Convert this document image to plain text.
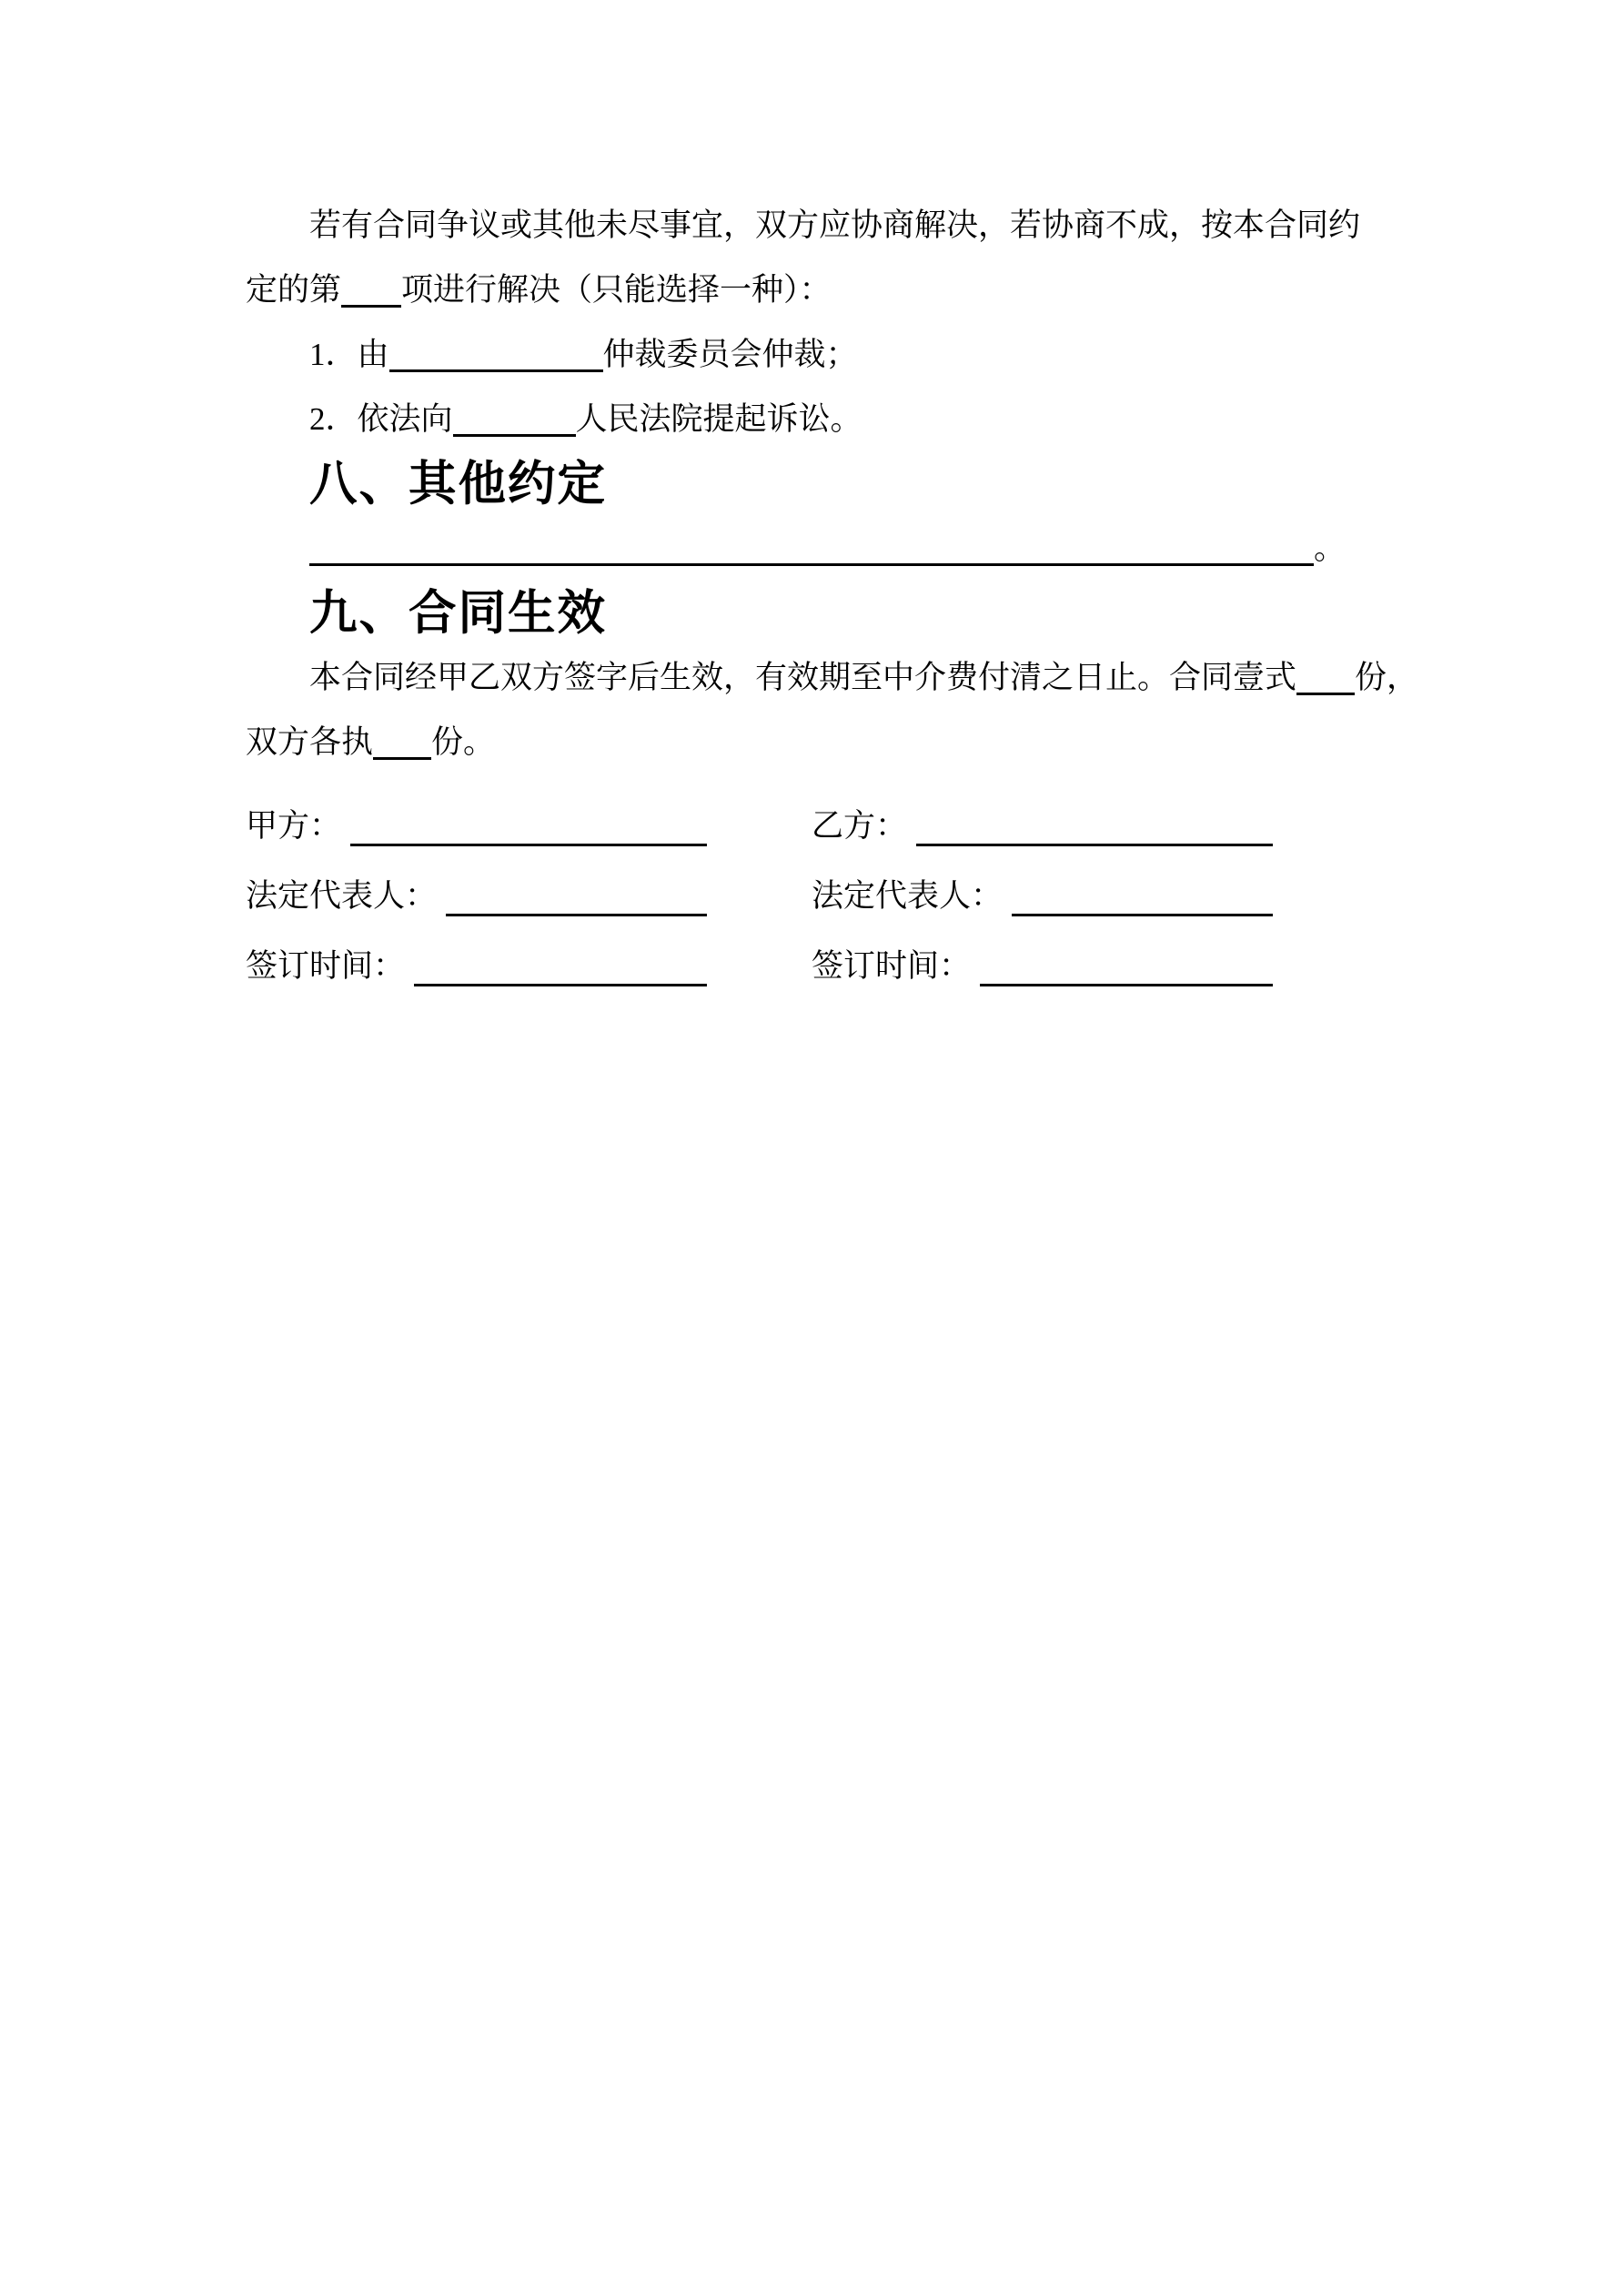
若有合同争议或其他未尽事宜，双方应协商解决，若协商不成，按本合同约

定的第 项进行解决（只能选择一种）：

1．由	仲裁委员会仲裁；

2．依法向	人民法院提起诉讼。

八、其他约定

。

九、合同生效

本合同经甲乙双方签字后生效，有效期至中介费付清之日止。合同壹式 份，

双方各执 份。

甲方：	乙方：
法定代表人：	法定代表人：
签订时间：	签订时间：
